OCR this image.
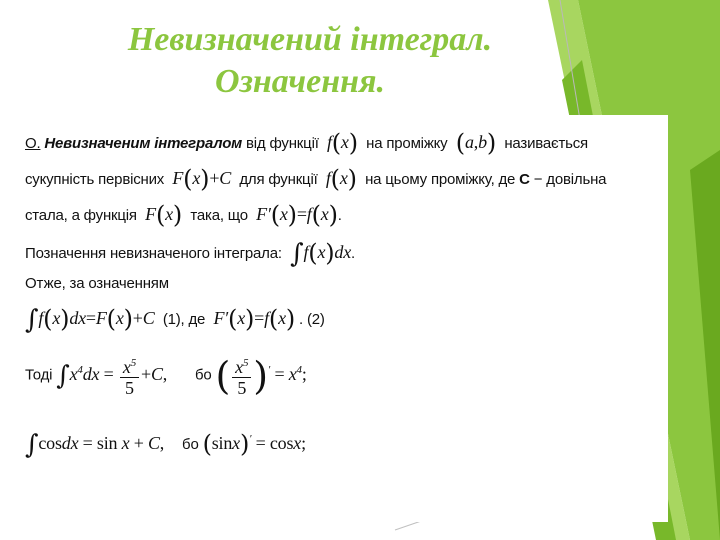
Невизначений інтеграл.
Означення.
О. Невизначеним інтегралом від функції  f(x) на проміжку (a,b) називається
сукупність первісних  F(x)+C  для функції  f(x) на цьому проміжку, де C − довільна
стала, а функція  F(x) така, що  F′(x)=f(x).
Позначення невизначеного інтеграла: ∫f(x)dx.
Отже, за означенням
∫f(x)dx=F(x)+C  (1), де  F′(x)=f(x) . (2)
Тоді $\int x^4dx = \frac{x^5}{5} +C$, бо ( $\frac{x^5}{5} )' = x^4$;
∫cosdx = sin x + C, бо (sinx)′ = cosx;
